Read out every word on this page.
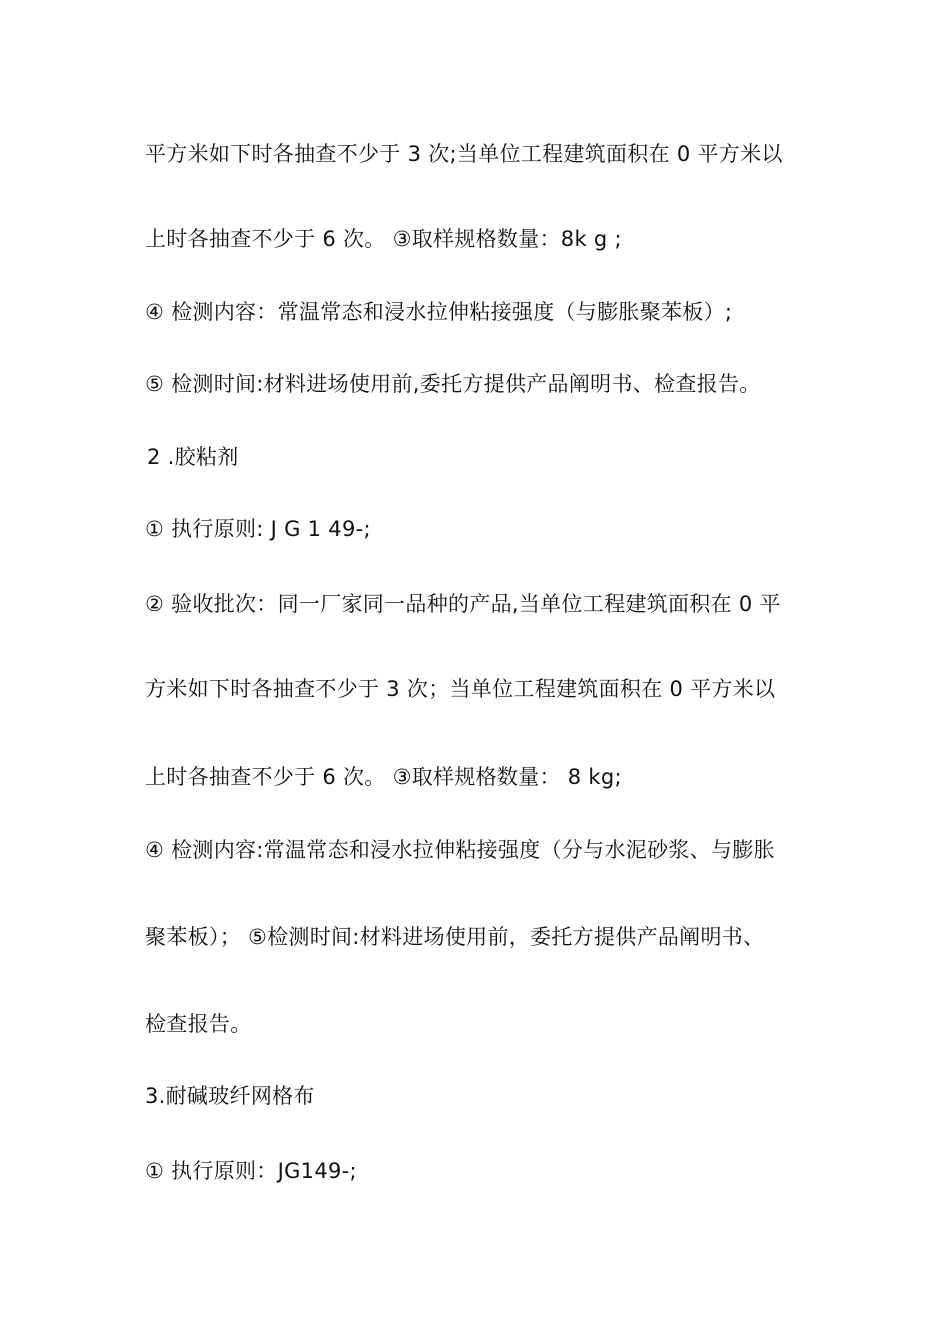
平方米如下时各抽查不少于 3 次;当单位工程建筑面积在 0 平方米以
上时各抽查不少于 6 次。 ③取样规格数量：8k g ;
④ 检测内容：常温常态和浸水拉伸粘接强度（与膨胀聚苯板）;
⑤ 检测时间:材料进场使用前,委托方提供产品阐明书、检查报告。
2 .胶粘剂
① 执行原则: J G 1 49-;
② 验收批次：同一厂家同一品种的产品,当单位工程建筑面积在 0 平
方米如下时各抽查不少于 3 次；当单位工程建筑面积在 0 平方米以
上时各抽查不少于 6 次。 ③取样规格数量： 8 kg;
④ 检测内容:常温常态和浸水拉伸粘接强度（分与水泥砂浆、与膨胀
聚苯板）； ⑤检测时间:材料进场使用前，委托方提供产品阐明书、
检查报告。
3.耐碱玻纤网格布
① 执行原则：JG149-;
